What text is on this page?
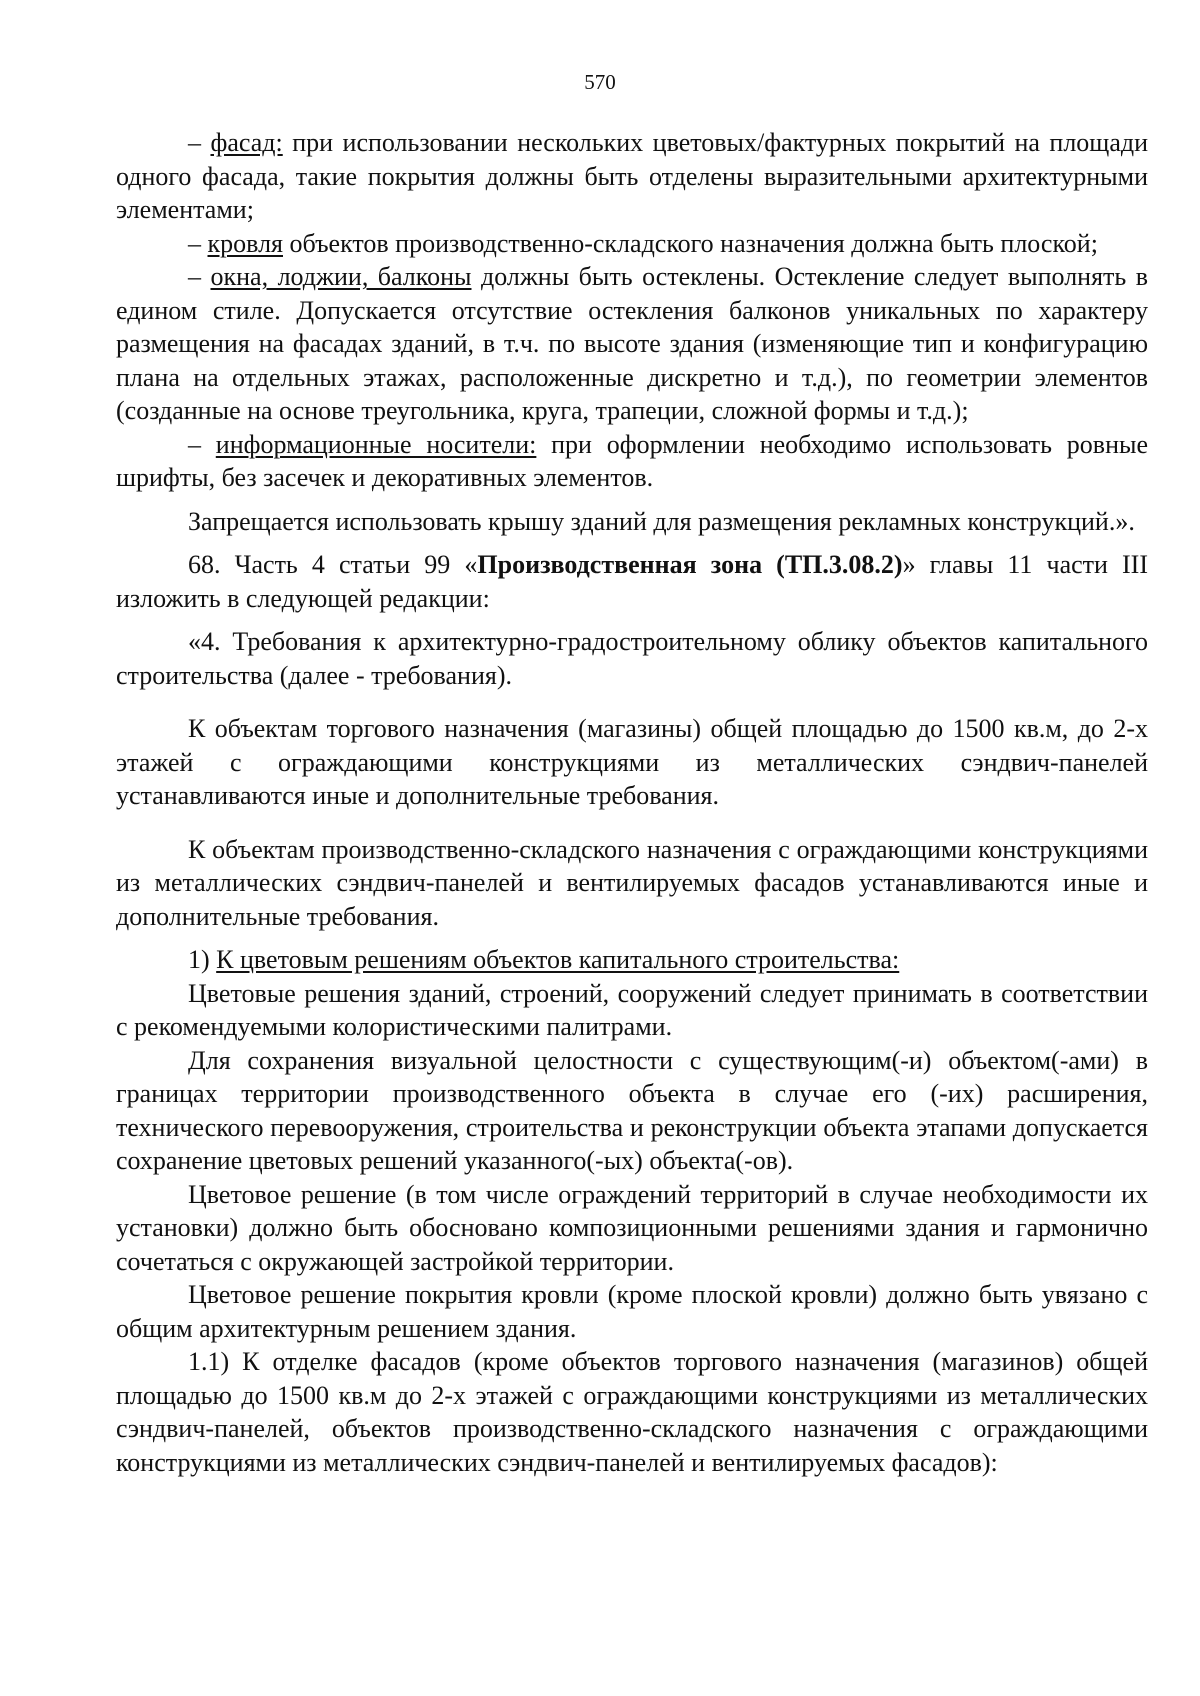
570

– фасад: при использовании нескольких цветовых/фактурных покрытий на площади одного фасада, такие покрытия должны быть отделены выразительными архитектурными элементами;

– кровля объектов производственно-складского назначения должна быть плоской;

– окна, лоджии, балконы должны быть остеклены. Остекление следует выполнять в едином стиле. Допускается отсутствие остекления балконов уникальных по характеру размещения на фасадах зданий, в т.ч. по высоте здания (изменяющие тип и конфигурацию плана на отдельных этажах, расположенные дискретно и т.д.), по геометрии элементов (созданные на основе треугольника, круга, трапеции, сложной формы и т.д.);

– информационные носители: при оформлении необходимо использовать ровные шрифты, без засечек и декоративных элементов.

Запрещается использовать крышу зданий для размещения рекламных конструкций.».

68. Часть 4 статьи 99 «Производственная зона (ТП.3.08.2)» главы 11 части III изложить в следующей редакции:

«4. Требования к архитектурно-градостроительному облику объектов капитального строительства (далее - требования).

К объектам торгового назначения (магазины) общей площадью до 1500 кв.м, до 2-х этажей с ограждающими конструкциями из металлических сэндвич-панелей устанавливаются иные и дополнительные требования.

К объектам производственно-складского назначения с ограждающими конструкциями из металлических сэндвич-панелей и вентилируемых фасадов устанавливаются иные и дополнительные требования.

1) К цветовым решениям объектов капитального строительства:

Цветовые решения зданий, строений, сооружений следует принимать в соответствии с рекомендуемыми колористическими палитрами.

Для сохранения визуальной целостности с существующим(-и) объектом(-ами) в границах территории производственного объекта в случае его (-их) расширения, технического перевооружения, строительства и реконструкции объекта этапами допускается сохранение цветовых решений указанного(-ых) объекта(-ов).

Цветовое решение (в том числе ограждений территорий в случае необходимости их установки) должно быть обосновано композиционными решениями здания и гармонично сочетаться с окружающей застройкой территории.

Цветовое решение покрытия кровли (кроме плоской кровли) должно быть увязано с общим архитектурным решением здания.

1.1) К отделке фасадов (кроме объектов торгового назначения (магазинов) общей площадью до 1500 кв.м до 2-х этажей с ограждающими конструкциями из металлических сэндвич-панелей, объектов производственно-складского назначения с ограждающими конструкциями из металлических сэндвич-панелей и вентилируемых фасадов):
